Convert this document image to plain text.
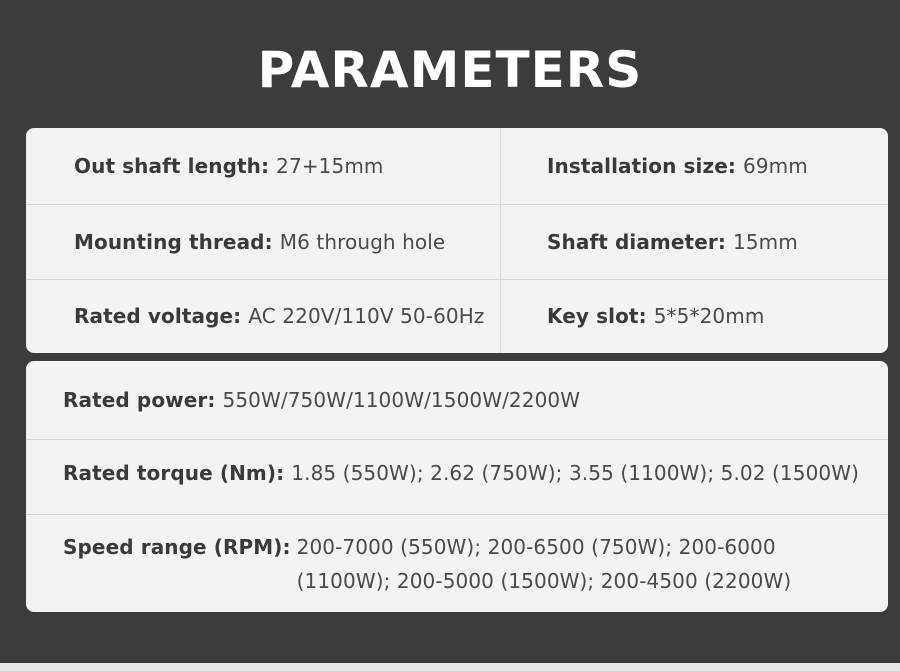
PARAMETERS
Out shaft length: 27+15mm	Installation size: 69mm
Mounting thread: M6 through hole	Shaft diameter: 15mm
Rated voltage: AC 220V/110V 50-60Hz	Key slot: 5*5*20mm
Rated power: 550W/750W/1100W/1500W/2200W
Rated torque (Nm): 1.85 (550W); 2.62 (750W); 3.55 (1100W); 5.02 (1500W)
Speed range (RPM): 200-7000 (550W); 200-6500 (750W); 200-6000
(1100W); 200-5000 (1500W); 200-4500 (2200W)
